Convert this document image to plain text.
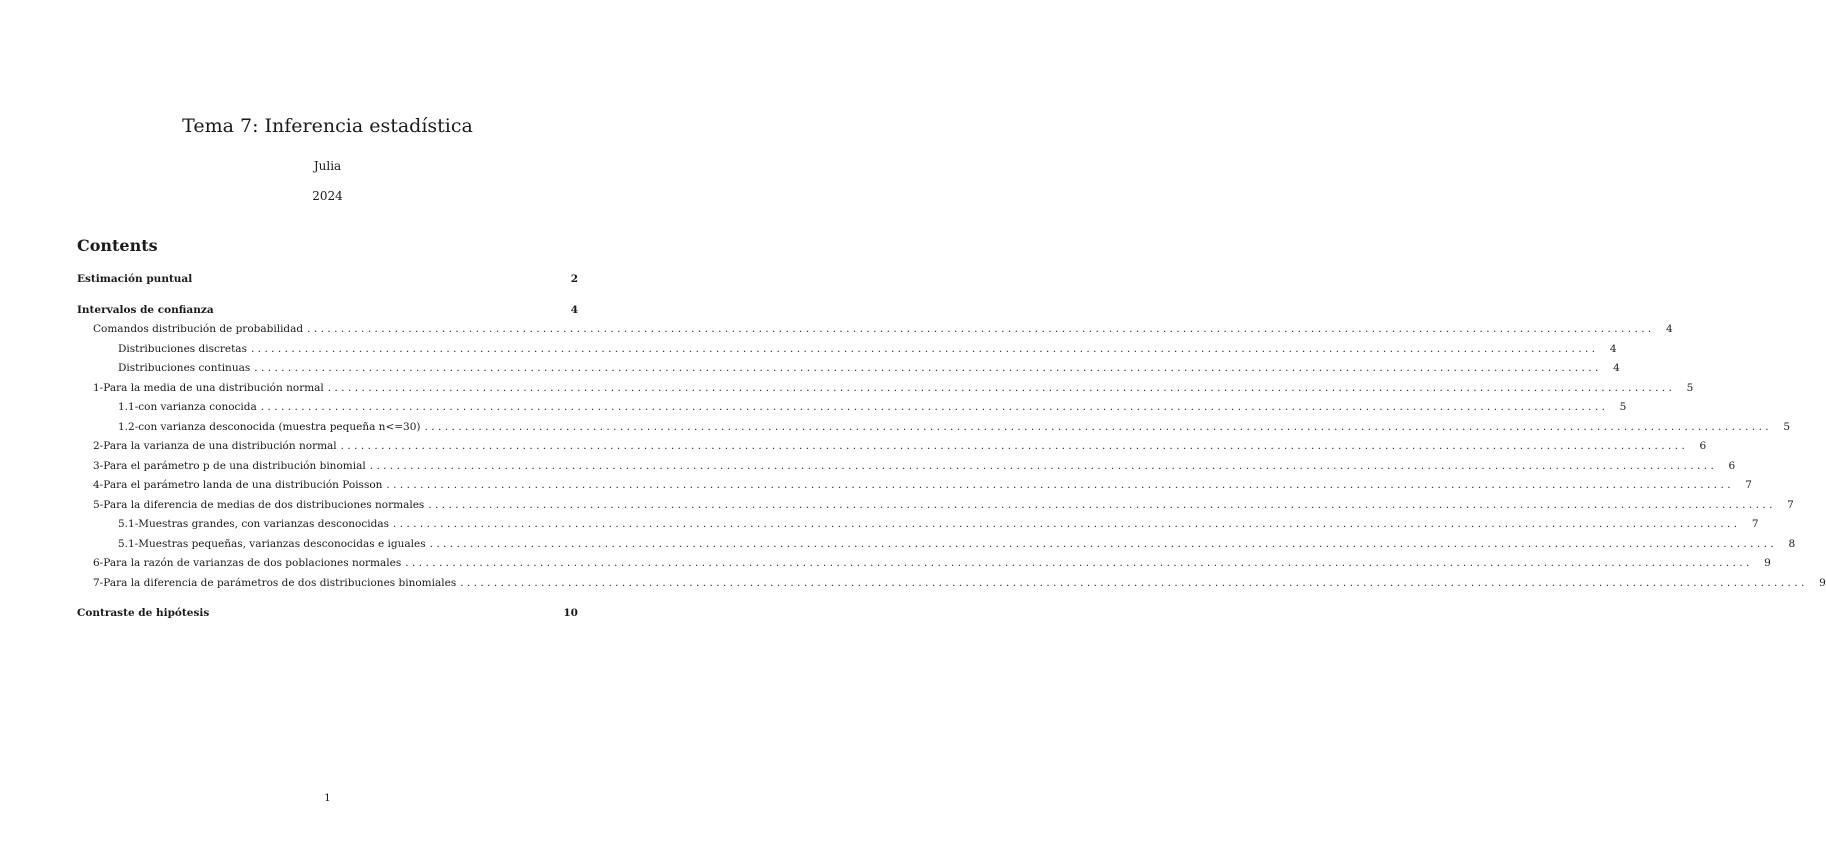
Tema 7: Inferencia estadística
Julia
2024
Contents
Estimación puntual	2
Intervalos de confianza	4
Comandos distribución de probabilidad ........................................................................................................................................................................................................	4
Distribuciones discretas ........................................................................................................................................................................................................	4
Distribuciones continuas ........................................................................................................................................................................................................	4
1-Para la media de una distribución normal ........................................................................................................................................................................................................	5
1.1-con varianza conocida ........................................................................................................................................................................................................	5
1.2-con varianza desconocida (muestra pequeña n<=30) ........................................................................................................................................................................................................	5
2-Para la varianza de una distribución normal ........................................................................................................................................................................................................	6
3-Para el parámetro p de una distribución binomial ........................................................................................................................................................................................................	6
4-Para el parámetro landa de una distribución Poisson ........................................................................................................................................................................................................	7
5-Para la diferencia de medias de dos distribuciones normales ........................................................................................................................................................................................................	7
5.1-Muestras grandes, con varianzas desconocidas ........................................................................................................................................................................................................	7
5.1-Muestras pequeñas, varianzas desconocidas e iguales ........................................................................................................................................................................................................	8
6-Para la razón de varianzas de dos poblaciones normales ........................................................................................................................................................................................................	9
7-Para la diferencia de parámetros de dos distribuciones binomiales ........................................................................................................................................................................................................	9
Contraste de hipótesis	10
1
